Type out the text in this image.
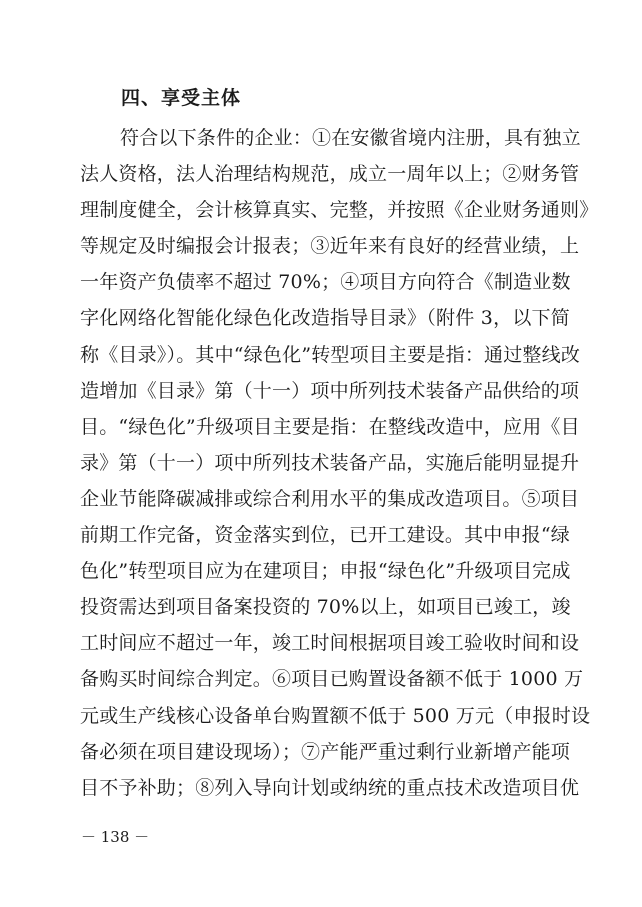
四、享受主体
符合以下条件的企业：①在安徽省境内注册，具有独立
法人资格，法人治理结构规范，成立一周年以上；②财务管
理制度健全，会计核算真实、完整，并按照《企业财务通则》
等规定及时编报会计报表；③近年来有良好的经营业绩，上
一年资产负债率不超过 70%；④项目方向符合《制造业数
字化网络化智能化绿色化改造指导目录》（附件 3，以下简
称《目录》）。其中“绿色化”转型项目主要是指：通过整线改
造增加《目录》第（十一）项中所列技术装备产品供给的项
目。“绿色化”升级项目主要是指：在整线改造中，应用《目
录》第（十一）项中所列技术装备产品，实施后能明显提升
企业节能降碳减排或综合利用水平的集成改造项目。⑤项目
前期工作完备，资金落实到位，已开工建设。其中申报“绿
色化”转型项目应为在建项目；申报“绿色化”升级项目完成
投资需达到项目备案投资的 70%以上，如项目已竣工，竣
工时间应不超过一年，竣工时间根据项目竣工验收时间和设
备购买时间综合判定。⑥项目已购置设备额不低于 1000 万
元或生产线核心设备单台购置额不低于 500 万元（申报时设
备必须在项目建设现场）；⑦产能严重过剩行业新增产能项
目不予补助；⑧列入导向计划或纳统的重点技术改造项目优
－ 138 －
